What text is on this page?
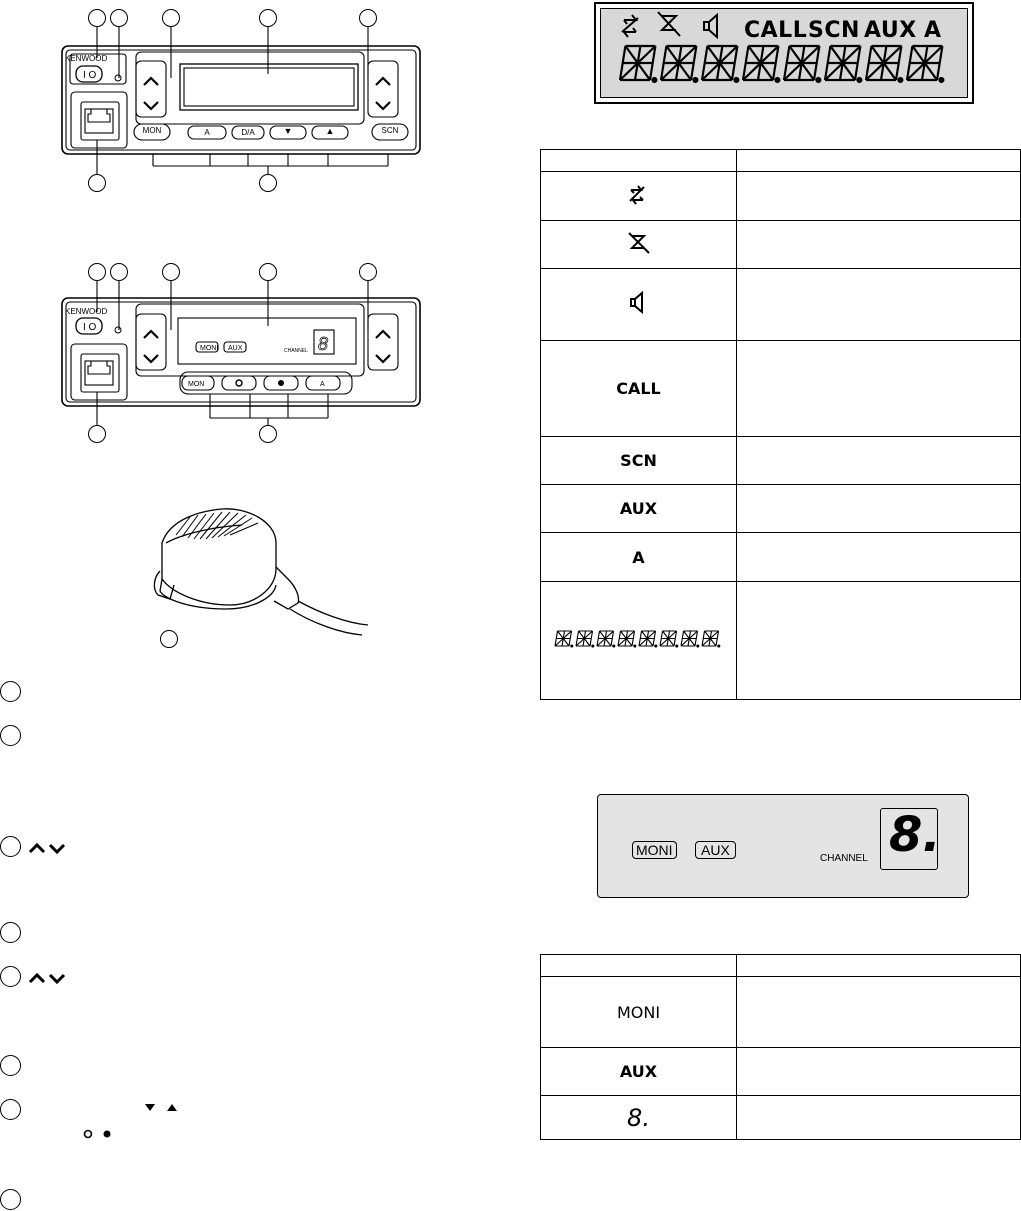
KENWOOD
I O
MON	A	D/A	▼	▲	SCN
KENWOOD
I O
MONI AUX	CHANNEL 8
MON	A
CALL SCN AUX A

CALL	
SCN	
AUX	
A	

MONI	AUX
CHANNEL 8.

MONI	
AUX	
8.	
